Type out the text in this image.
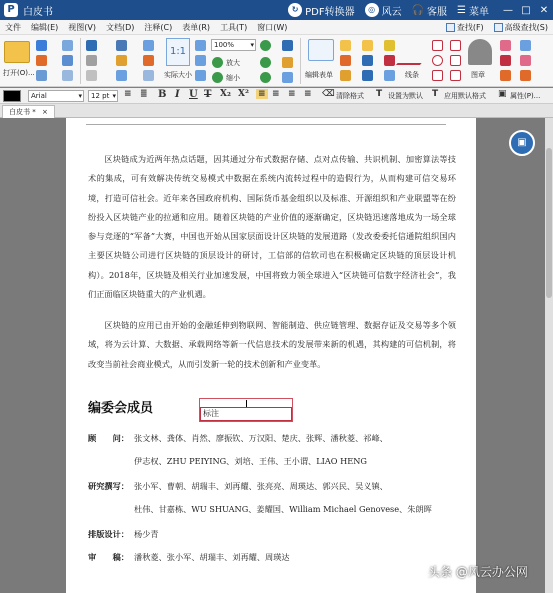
P 白皮书	↻ PDF转换器	◎ 风云 🎧 客服 ☰ 菜单	— □ ✕
文件	编辑(E)	视图(V)	文档(D)	注释(C)	表单(R)	工具(T)	窗口(W)	查找(F)	高级查找(S)
打开(O)...
1:1
实际大小
100% ▾
放大
缩小	编辑表单	线条	图章
Arial ▾	12 pt ▾	≡ ≣ B I U T X₂ X² ≡ ≡ ≡ ≡ ⌫ 清除格式 T 设置为默认 T 应用默认格式 ▣ 属性(P)...
白皮书 * ×

区块链成为近两年热点话题，因其通过分布式数据存储、点对点传输、共识机制、加密算法等技术的集成，可有效解决传统交易模式中数据在系统内流转过程中的造假行为，从而构建可信交易环境，打造可信社会。近年来各国政府机构、国际货币基金组织以及标准、开源组织和产业联盟等在纷纷投入区块链产业的拉通和应用。随着区块链的产业价值的逐渐确定，区块链迅速落地成为一场全球参与竞逐的“军备”大赛，中国也开始从国家层面设计区块链的发展道路（发改委委托信通院组织国内主要区块链公司进行区块链的顶层设计的研讨，工信部的信软司也在积极确定区块链的顶层设计机构）。2018年，区块链及相关行业加速发展，中国将致力领全球进入“区块链可信数字经济社会”，我们正面临区块链重大的产业机遇。

区块链的应用已由开始的金融延伸到物联网、智能制造、供应链管理、数据存证及交易等多个领域，将为云计算、大数据、承载网络等新一代信息技术的发展带来新的机遇，其构建的可信机制，将改变当前社会商业模式，从而引发新一轮的技术创新和产业变革。

编委会成员	标注
顾　　问： 张文林、龚体、肖然、廖振钦、万汉阳、楚庆、张辉、潘秋菱、祁峰、
伊志权、ZHU PEIYING、刘培、王伟、王小谓、LIAO HENG
研究撰写： 张小军、曹朝、胡瑞丰、刘再耀、张亮亮、周瑛达、郭兴民、吴义镇、
杜伟、甘嘉栋、WU SHUANG、姜耀国、William Michael Genovese、朱朗晖
排版设计： 杨少青
审　　稿： 潘秋菱、张小军、胡瑞丰、刘再耀、周瑛达
▣
头条 @风云办公网
